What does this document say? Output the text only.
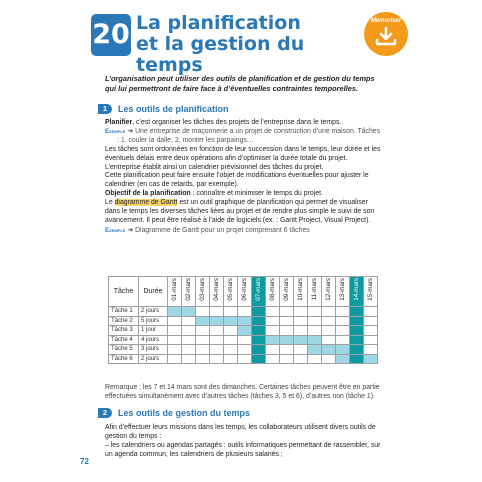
20 La planification
et la gestion du temps
Mémoriser
L’organisation peut utiliser des outils de planification et de gestion du temps qui lui permettront de faire face à d’éventuelles contraintes temporelles.
1	Les outils de planification
Planifier, c’est organiser les tâches des projets de l’entreprise dans le temps.
Exemple ➜ Une entreprise de maçonnerie a un projet de construction d’une maison. Tâches : 1. couler la dalle, 2. monter les parpaings…
Les tâches sont ordonnées en fonction de leur succession dans le temps, leur durée et les éventuels délais entre deux opérations afin d’optimiser la durée totale du projet.
L’entreprise établit ainsi un calendrier prévisionnel des tâches du projet.
Cette planification peut faire ensuite l’objet de modifications éventuelles pour ajuster le calendrier (en cas de retards, par exemple).
Objectif de la planification : connaître et minimiser le temps du projet.
Le diagramme de Gantt est un outil graphique de planification qui permet de visualiser dans le temps les diverses tâches liées au projet et de rendre plus simple le suivi de son avancement. Il peut être réalisé à l’aide de logiciels (ex. : Gantt Project, Visual Project).
Exemple ➜ Diagramme de Gantt pour un projet comprenant 6 tâches
Tâche	Durée	01-mars	02-mars	03-mars	04-mars	05-mars	06-mars	07-mars	08-mars	09-mars	10-mars	11-mars	12-mars	13-mars	14-mars	15-mars

Tâche 1	2 jours															
Tâche 2	5 jours															
Tâche 3	1 jour															
Tâche 4	4 jours															
Tâche 5	3 jours															
Tâche 6	2 jours															
Remarque : les 7 et 14 mars sont des dimanches. Certaines tâches peuvent être en partie effectuées simultanément avec d’autres tâches (tâches 3, 5 et 6), d’autres non (tâche 1).
2	Les outils de gestion du temps
Afin d’effectuer leurs missions dans les temps, les collaborateurs utilisent divers outils de gestion du temps :
– les calendriers ou agendas partagés : outils informatiques permettant de rassembler, sur un agenda commun, les calendriers de plusieurs salariés ;
72
